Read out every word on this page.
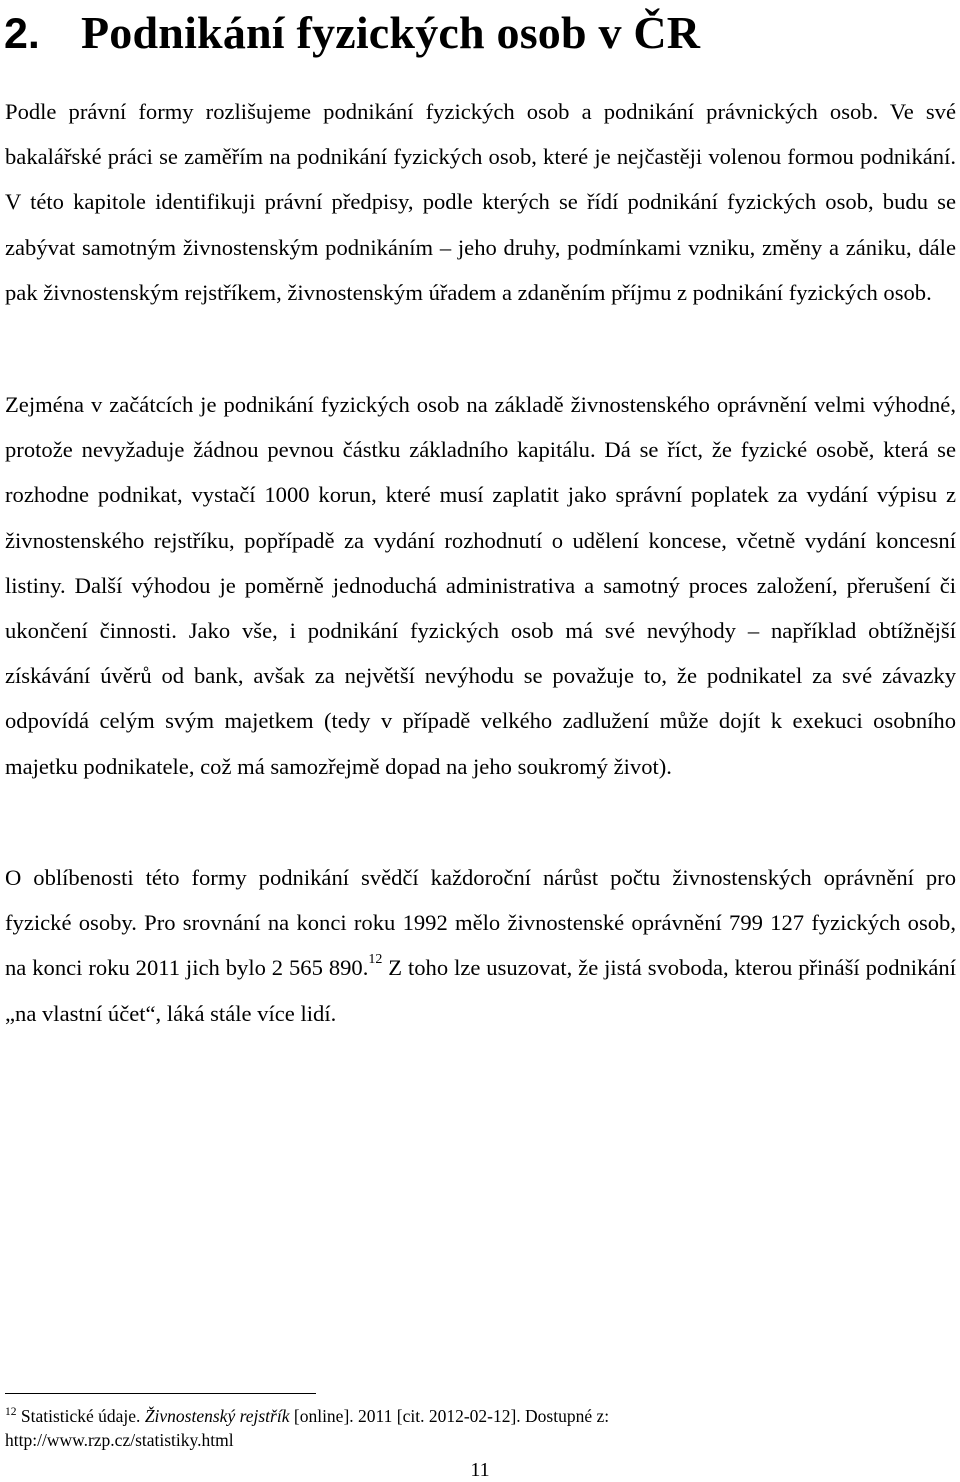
2. Podnikání fyzických osob v ČR

Podle právní formy rozlišujeme podnikání fyzických osob a podnikání právnických osob. Ve své bakalářské práci se zaměřím na podnikání fyzických osob, které je nejčastěji volenou formou podnikání. V této kapitole identifikuji právní předpisy, podle kterých se řídí podnikání fyzických osob, budu se zabývat samotným živnostenským podnikáním – jeho druhy, podmínkami vzniku, změny a zániku, dále pak živnostenským rejstříkem, živnostenským úřadem a zdaněním příjmu z podnikání fyzických osob.

Zejména v začátcích je podnikání fyzických osob na základě živnostenského oprávnění velmi výhodné, protože nevyžaduje žádnou pevnou částku základního kapitálu. Dá se říct, že fyzické osobě, která se rozhodne podnikat, vystačí 1000 korun, které musí zaplatit jako správní poplatek za vydání výpisu z živnostenského rejstříku, popřípadě za vydání rozhodnutí o udělení koncese, včetně vydání koncesní listiny. Další výhodou je poměrně jednoduchá administrativa a samotný proces založení, přerušení či ukončení činnosti. Jako vše, i podnikání fyzických osob má své nevýhody – například obtížnější získávání úvěrů od bank, avšak za největší nevýhodu se považuje to, že podnikatel za své závazky odpovídá celým svým majetkem (tedy v případě velkého zadlužení může dojít k exekuci osobního majetku podnikatele, což má samozřejmě dopad na jeho soukromý život).

O oblíbenosti této formy podnikání svědčí každoroční nárůst počtu živnostenských oprávnění pro fyzické osoby. Pro srovnání na konci roku 1992 mělo živnostenské oprávnění 799 127 fyzických osob, na konci roku 2011 jich bylo 2 565 890.12 Z toho lze usuzovat, že jistá svoboda, kterou přináší podnikání „na vlastní účet“, láká stále více lidí.

$^{12}$ Statistické údaje. Živnostenský rejstřík [online]. 2011 [cit. 2012-02-12]. Dostupné z:
http://www.rzp.cz/statistiky.html

11
